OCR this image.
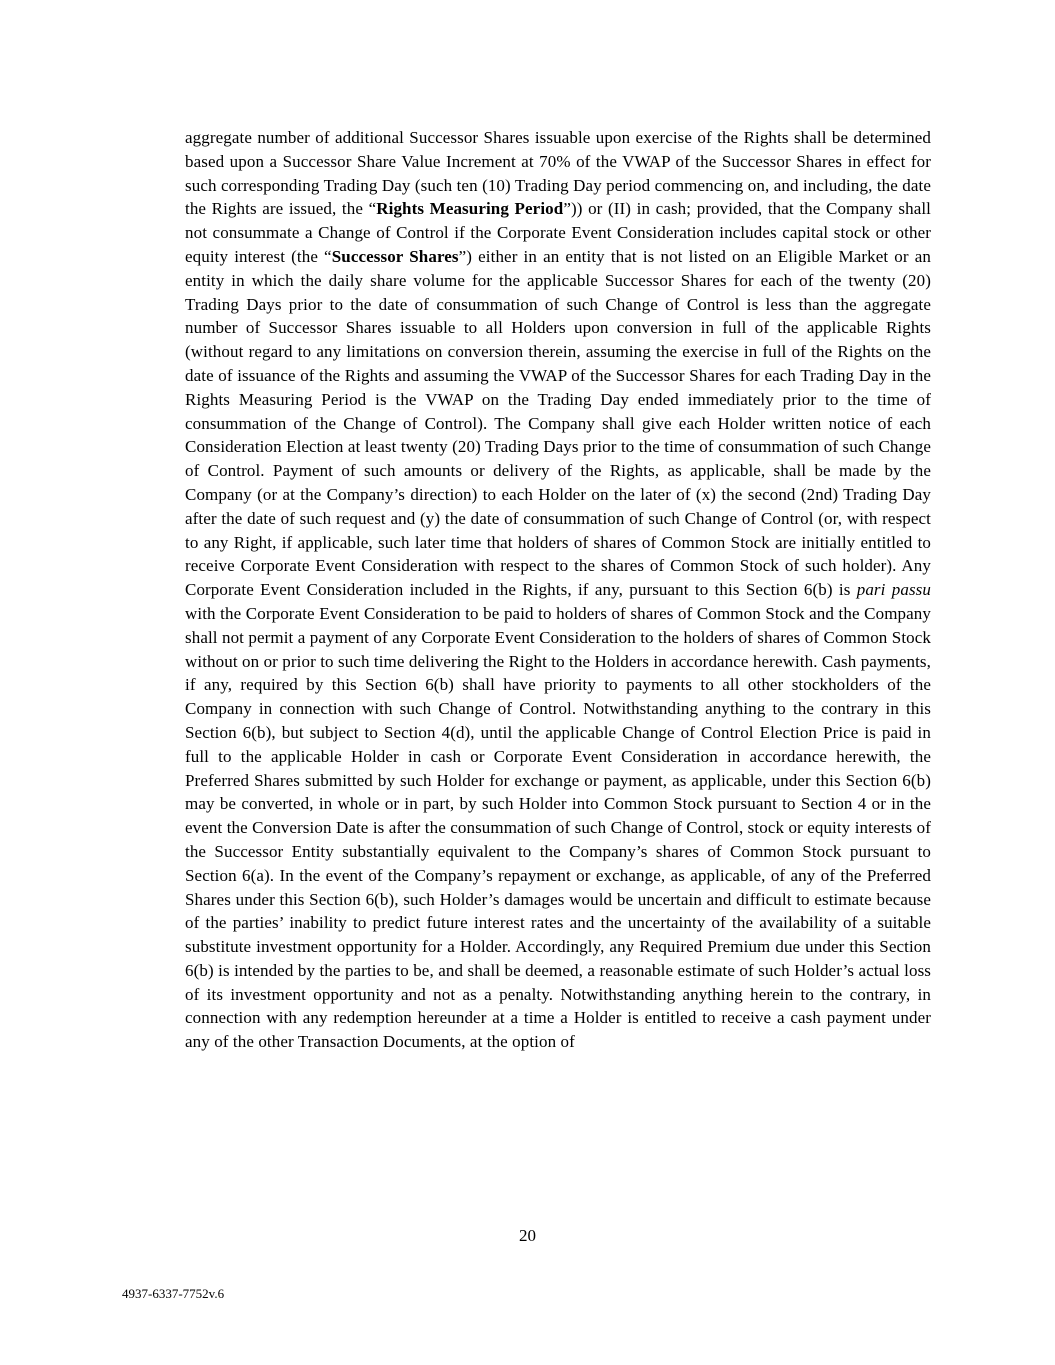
aggregate number of additional Successor Shares issuable upon exercise of the Rights shall be determined based upon a Successor Share Value Increment at 70% of the VWAP of the Successor Shares in effect for such corresponding Trading Day (such ten (10) Trading Day period commencing on, and including, the date the Rights are issued, the “Rights Measuring Period”)) or (II) in cash; provided, that the Company shall not consummate a Change of Control if the Corporate Event Consideration includes capital stock or other equity interest (the “Successor Shares”) either in an entity that is not listed on an Eligible Market or an entity in which the daily share volume for the applicable Successor Shares for each of the twenty (20) Trading Days prior to the date of consummation of such Change of Control is less than the aggregate number of Successor Shares issuable to all Holders upon conversion in full of the applicable Rights (without regard to any limitations on conversion therein, assuming the exercise in full of the Rights on the date of issuance of the Rights and assuming the VWAP of the Successor Shares for each Trading Day in the Rights Measuring Period is the VWAP on the Trading Day ended immediately prior to the time of consummation of the Change of Control). The Company shall give each Holder written notice of each Consideration Election at least twenty (20) Trading Days prior to the time of consummation of such Change of Control. Payment of such amounts or delivery of the Rights, as applicable, shall be made by the Company (or at the Company’s direction) to each Holder on the later of (x) the second (2nd) Trading Day after the date of such request and (y) the date of consummation of such Change of Control (or, with respect to any Right, if applicable, such later time that holders of shares of Common Stock are initially entitled to receive Corporate Event Consideration with respect to the shares of Common Stock of such holder). Any Corporate Event Consideration included in the Rights, if any, pursuant to this Section 6(b) is pari passu with the Corporate Event Consideration to be paid to holders of shares of Common Stock and the Company shall not permit a payment of any Corporate Event Consideration to the holders of shares of Common Stock without on or prior to such time delivering the Right to the Holders in accordance herewith. Cash payments, if any, required by this Section 6(b) shall have priority to payments to all other stockholders of the Company in connection with such Change of Control. Notwithstanding anything to the contrary in this Section 6(b), but subject to Section 4(d), until the applicable Change of Control Election Price is paid in full to the applicable Holder in cash or Corporate Event Consideration in accordance herewith, the Preferred Shares submitted by such Holder for exchange or payment, as applicable, under this Section 6(b) may be converted, in whole or in part, by such Holder into Common Stock pursuant to Section 4 or in the event the Conversion Date is after the consummation of such Change of Control, stock or equity interests of the Successor Entity substantially equivalent to the Company’s shares of Common Stock pursuant to Section 6(a). In the event of the Company’s repayment or exchange, as applicable, of any of the Preferred Shares under this Section 6(b), such Holder’s damages would be uncertain and difficult to estimate because of the parties’ inability to predict future interest rates and the uncertainty of the availability of a suitable substitute investment opportunity for a Holder. Accordingly, any Required Premium due under this Section 6(b) is intended by the parties to be, and shall be deemed, a reasonable estimate of such Holder’s actual loss of its investment opportunity and not as a penalty. Notwithstanding anything herein to the contrary, in connection with any redemption hereunder at a time a Holder is entitled to receive a cash payment under any of the other Transaction Documents, at the option of
20
4937-6337-7752v.6
